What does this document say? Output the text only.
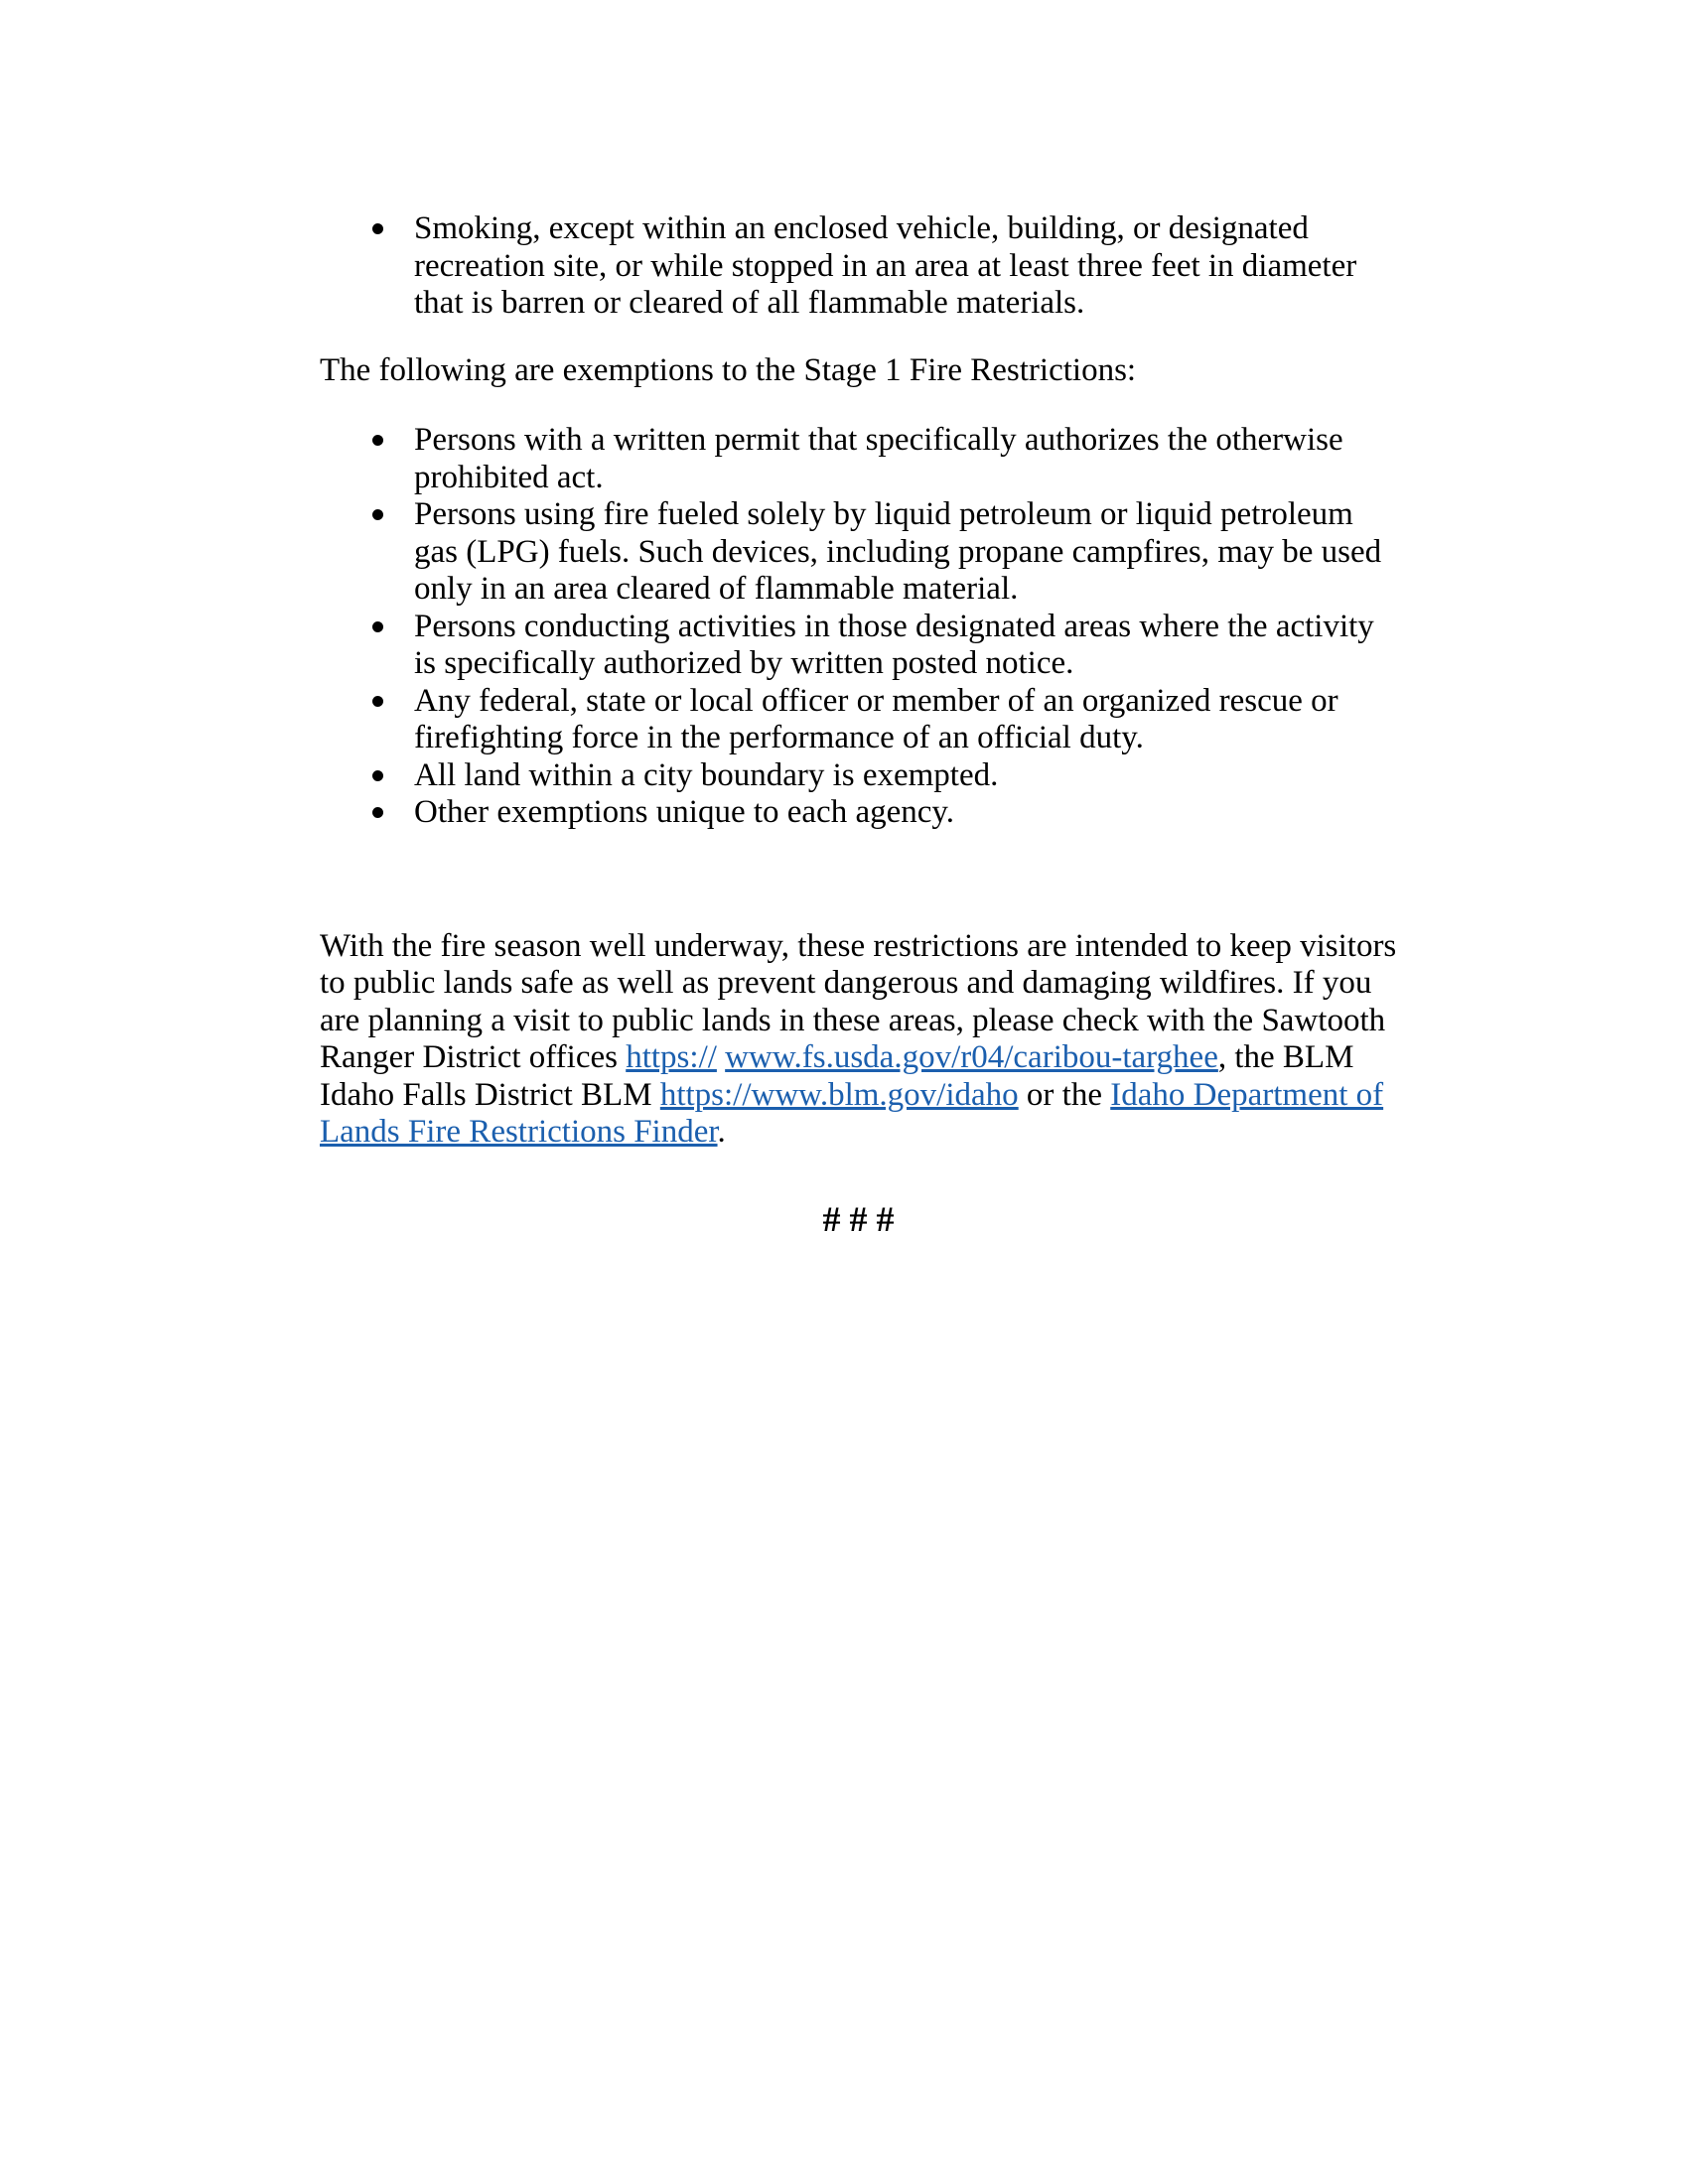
Smoking, except within an enclosed vehicle, building, or designated recreation site, or while stopped in an area at least three feet in diameter that is barren or cleared of all flammable materials.

The following are exemptions to the Stage 1 Fire Restrictions:

Persons with a written permit that specifically authorizes the otherwise prohibited act.
Persons using fire fueled solely by liquid petroleum or liquid petroleum gas (LPG) fuels. Such devices, including propane campfires, may be used only in an area cleared of flammable material.
Persons conducting activities in those designated areas where the activity is specifically authorized by written posted notice.
Any federal, state or local officer or member of an organized rescue or firefighting force in the performance of an official duty.
All land within a city boundary is exempted.
Other exemptions unique to each agency.

With the fire season well underway, these restrictions are intended to keep visitors to public lands safe as well as prevent dangerous and damaging wildfires. If you are planning a visit to public lands in these areas, please check with the Sawtooth Ranger District offices https:// www.fs.usda.gov/r04/caribou-targhee, the BLM Idaho Falls District BLM https://www.blm.gov/idaho or the Idaho Department of Lands Fire Restrictions Finder.

# # #
